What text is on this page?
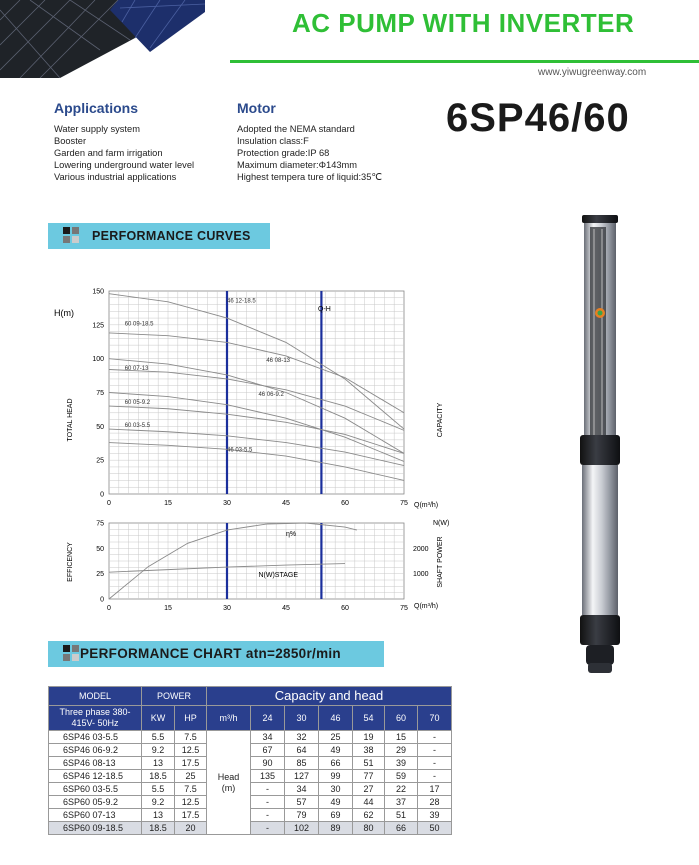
AC PUMP WITH INVERTER
www.yiwugreenway.com
6SP46/60
Applications
Water supply system
Booster
Garden and farm irrigation
Lowering underground water level
Various industrial applications
Motor
Adopted the NEMA standard
Insulation class:F
Protection grade:IP 68
Maximum diameter:Φ143mm
Highest tempera ture of liquid:35℃
PERFORMANCE CURVES
46 12-18.5
60 09-18.5
46 08-13
60 07-13
46 06-9.2
60 05-9.2
60 03-5.5
46 03-5.5
0	15	30	45	60	75
0
25
50
75
100
125
150
H(m)
TOTAL HEAD	CAPACITY
Q-H
Q(m³/h)
η%
N(W)STAGE
0	15	30	45	60	75
0
25
50
75
1000
2000
EFFICENCY	SHAFT POWER
N(W)
Q(m³/h)
PERFORMANCE CHART atn=2850r/min
MODEL	POWER		Capacity and head						
Three phase 380-415V- 50Hz	KW	HP							
			m³/h	24	30	46	54	60	70
6SP46 03-5.5	5.5	7.5	Head (m)	34	32	25	19	15	-
6SP46 06-9.2	9.2	12.5		67	64	49	38	29	-
6SP46 08-13	13	17.5		90	85	66	51	39	-
6SP46 12-18.5	18.5	25		135	127	99	77	59	-
6SP60 03-5.5	5.5	7.5		-	34	30	27	22	17
6SP60 05-9.2	9.2	12.5		-	57	49	44	37	28
6SP60 07-13	13	17.5		-	79	69	62	51	39
6SP60 09-18.5	18.5	20		-	102	89	80	66	50
